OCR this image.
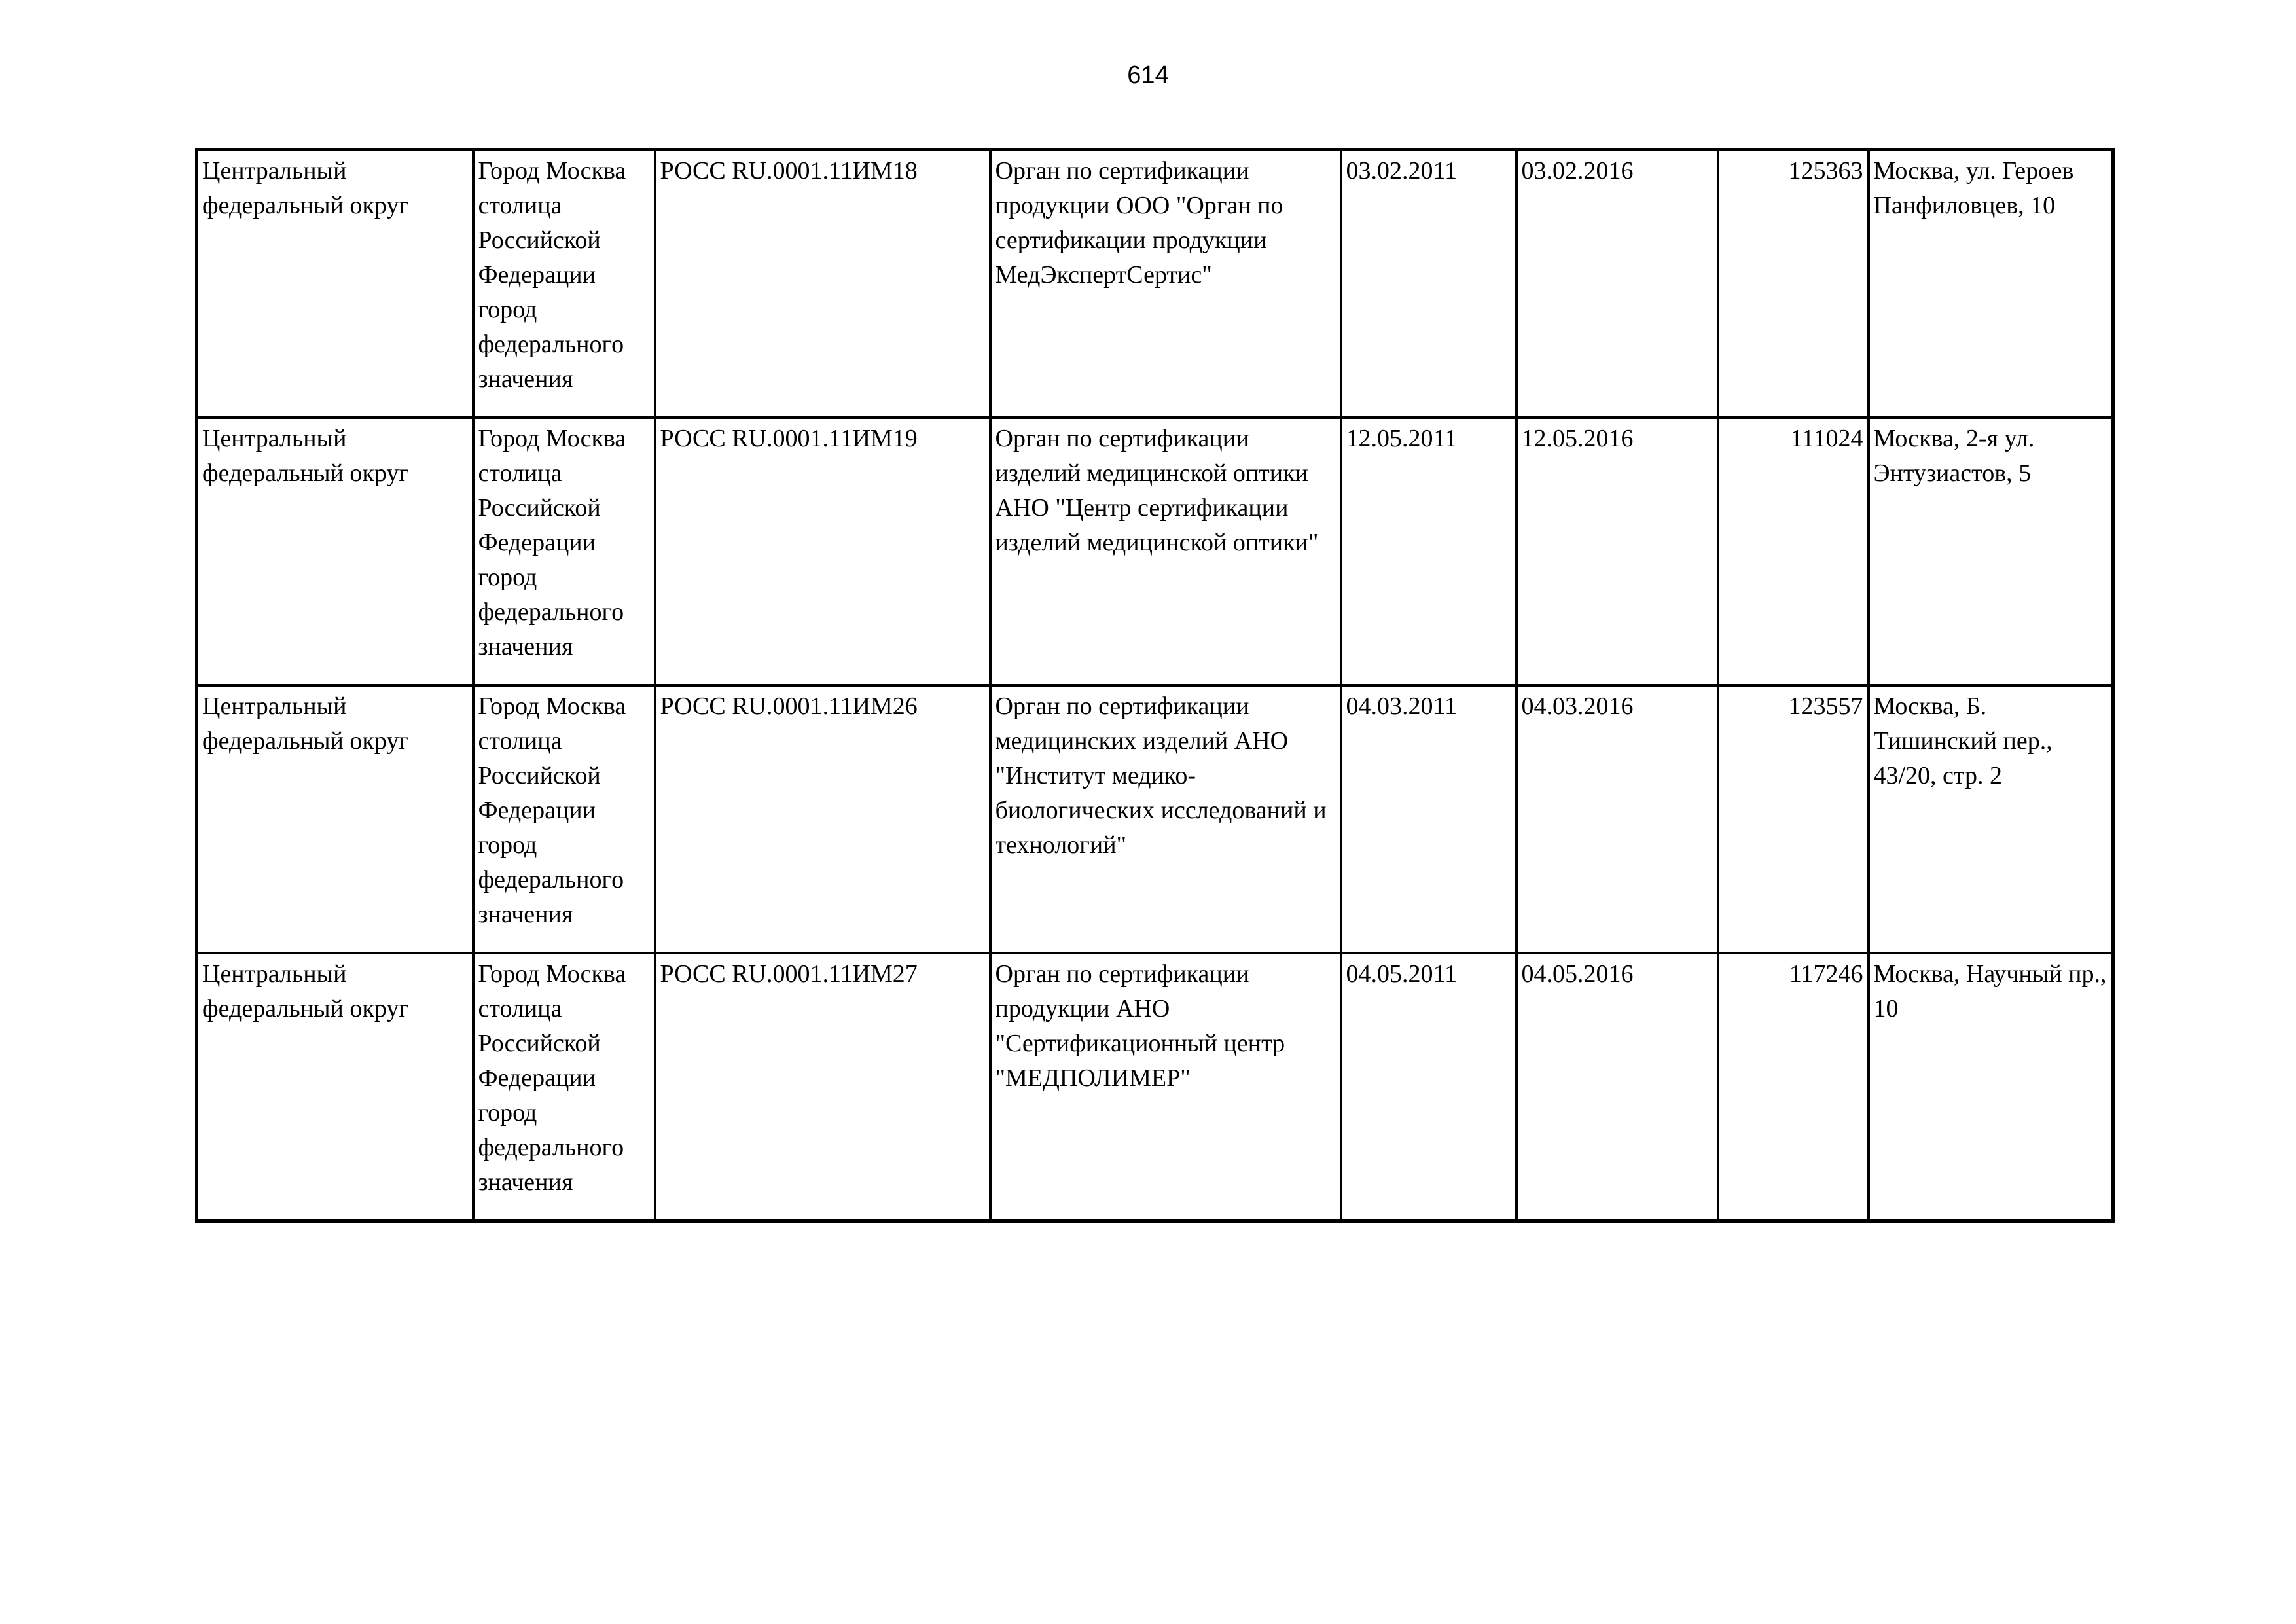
614
Центральный федеральный округ	Город Москва столица Российской Федерации город федерального значения	РОСС RU.0001.11ИМ18	Орган по сертификации продукции ООО "Орган по сертификации продукции МедЭкспертСертис"	03.02.2011	03.02.2016	125363	Москва, ул. Героев Панфиловцев, 10

Центральный федеральный округ	Город Москва столица Российской Федерации город федерального значения	РОСС RU.0001.11ИМ19	Орган по сертификации изделий медицинской оптики АНО "Центр сертификации изделий медицинской оптики"	12.05.2011	12.05.2016	111024	Москва, 2-я ул. Энтузиастов, 5

Центральный федеральный округ	Город Москва столица Российской Федерации город федерального значения	РОСС RU.0001.11ИМ26	Орган по сертификации медицинских изделий АНО "Институт медико-биологических исследований и технологий"	04.03.2011	04.03.2016	123557	Москва, Б. Тишинский пер., 43/20, стр. 2

Центральный федеральный округ	Город Москва столица Российской Федерации город федерального значения	РОСС RU.0001.11ИМ27	Орган по сертификации продукции АНО "Сертификационный центр "МЕДПОЛИМЕР"	04.05.2011	04.05.2016	117246	Москва, Научный пр., 10
